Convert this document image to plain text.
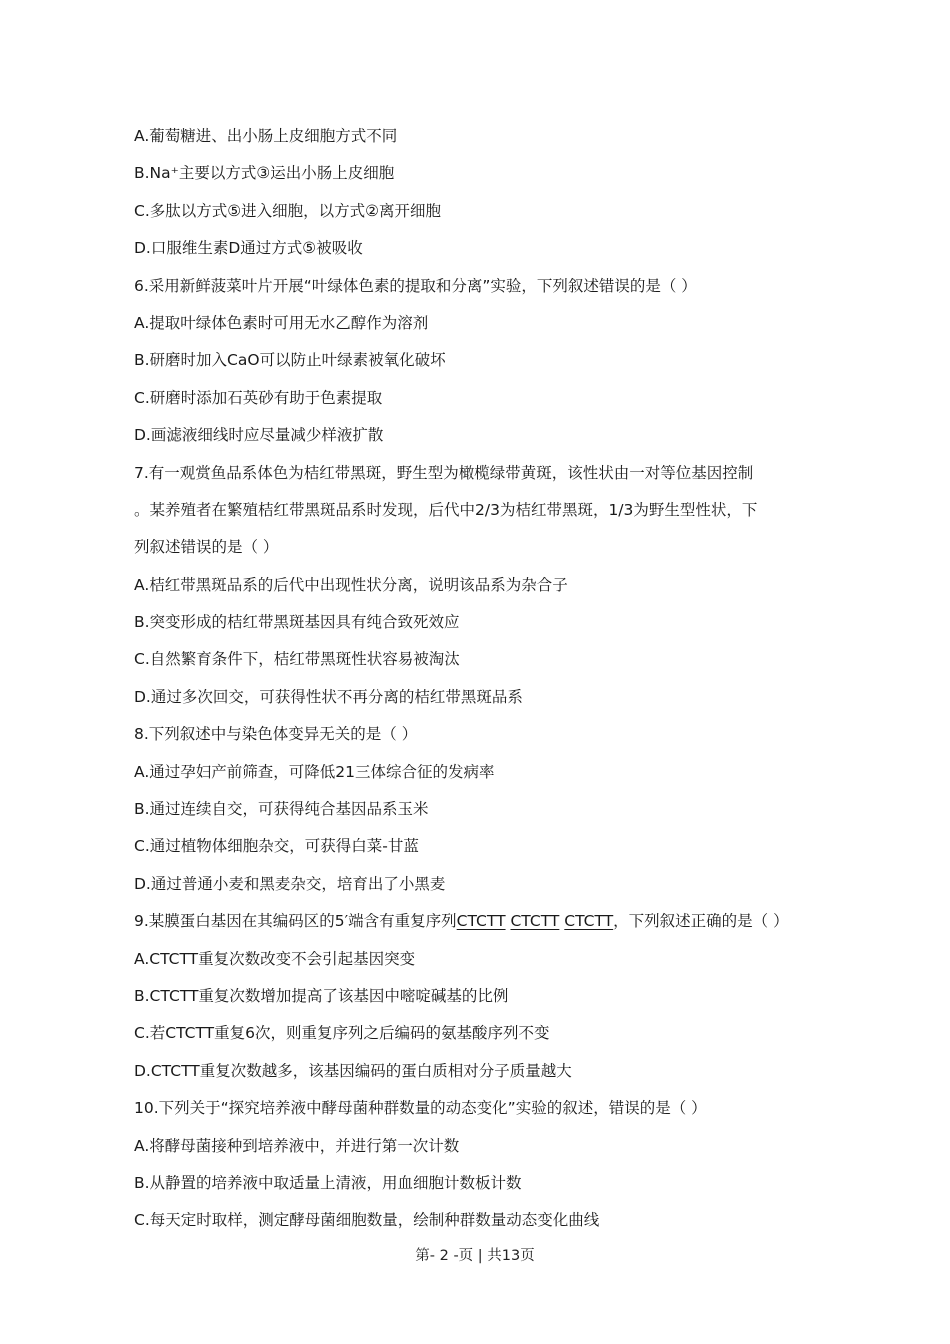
A.葡萄糖进、出小肠上皮细胞方式不同
B.Na⁺主要以方式③运出小肠上皮细胞
C.多肽以方式⑤进入细胞，以方式②离开细胞
D.口服维生素D通过方式⑤被吸收
6.采用新鲜菠菜叶片开展“叶绿体色素的提取和分离”实验，下列叙述错误的是（ ）
A.提取叶绿体色素时可用无水乙醇作为溶剂
B.研磨时加入CaO可以防止叶绿素被氧化破坏
C.研磨时添加石英砂有助于色素提取
D.画滤液细线时应尽量减少样液扩散
7.有一观赏鱼品系体色为桔红带黑斑，野生型为橄榄绿带黄斑，该性状由一对等位基因控制
。某养殖者在繁殖桔红带黑斑品系时发现，后代中2/3为桔红带黑斑，1/3为野生型性状，下
列叙述错误的是（ ）
A.桔红带黑斑品系的后代中出现性状分离，说明该品系为杂合子
B.突变形成的桔红带黑斑基因具有纯合致死效应
C.自然繁育条件下，桔红带黑斑性状容易被淘汰
D.通过多次回交，可获得性状不再分离的桔红带黑斑品系
8.下列叙述中与染色体变异无关的是（ ）
A.通过孕妇产前筛查，可降低21三体综合征的发病率
B.通过连续自交，可获得纯合基因品系玉米
C.通过植物体细胞杂交，可获得白菜-甘蓝
D.通过普通小麦和黑麦杂交，培育出了小黑麦
9.某膜蛋白基因在其编码区的5′端含有重复序列CTCTT CTCTT CTCTT，下列叙述正确的是（ ）
A.CTCTT重复次数改变不会引起基因突变
B.CTCTT重复次数增加提高了该基因中嘧啶碱基的比例
C.若CTCTT重复6次，则重复序列之后编码的氨基酸序列不变
D.CTCTT重复次数越多，该基因编码的蛋白质相对分子质量越大
10.下列关于“探究培养液中酵母菌种群数量的动态变化”实验的叙述，错误的是（ ）
A.将酵母菌接种到培养液中，并进行第一次计数
B.从静置的培养液中取适量上清液，用血细胞计数板计数
C.每天定时取样，测定酵母菌细胞数量，绘制种群数量动态变化曲线
第- 2 -页 | 共13页
